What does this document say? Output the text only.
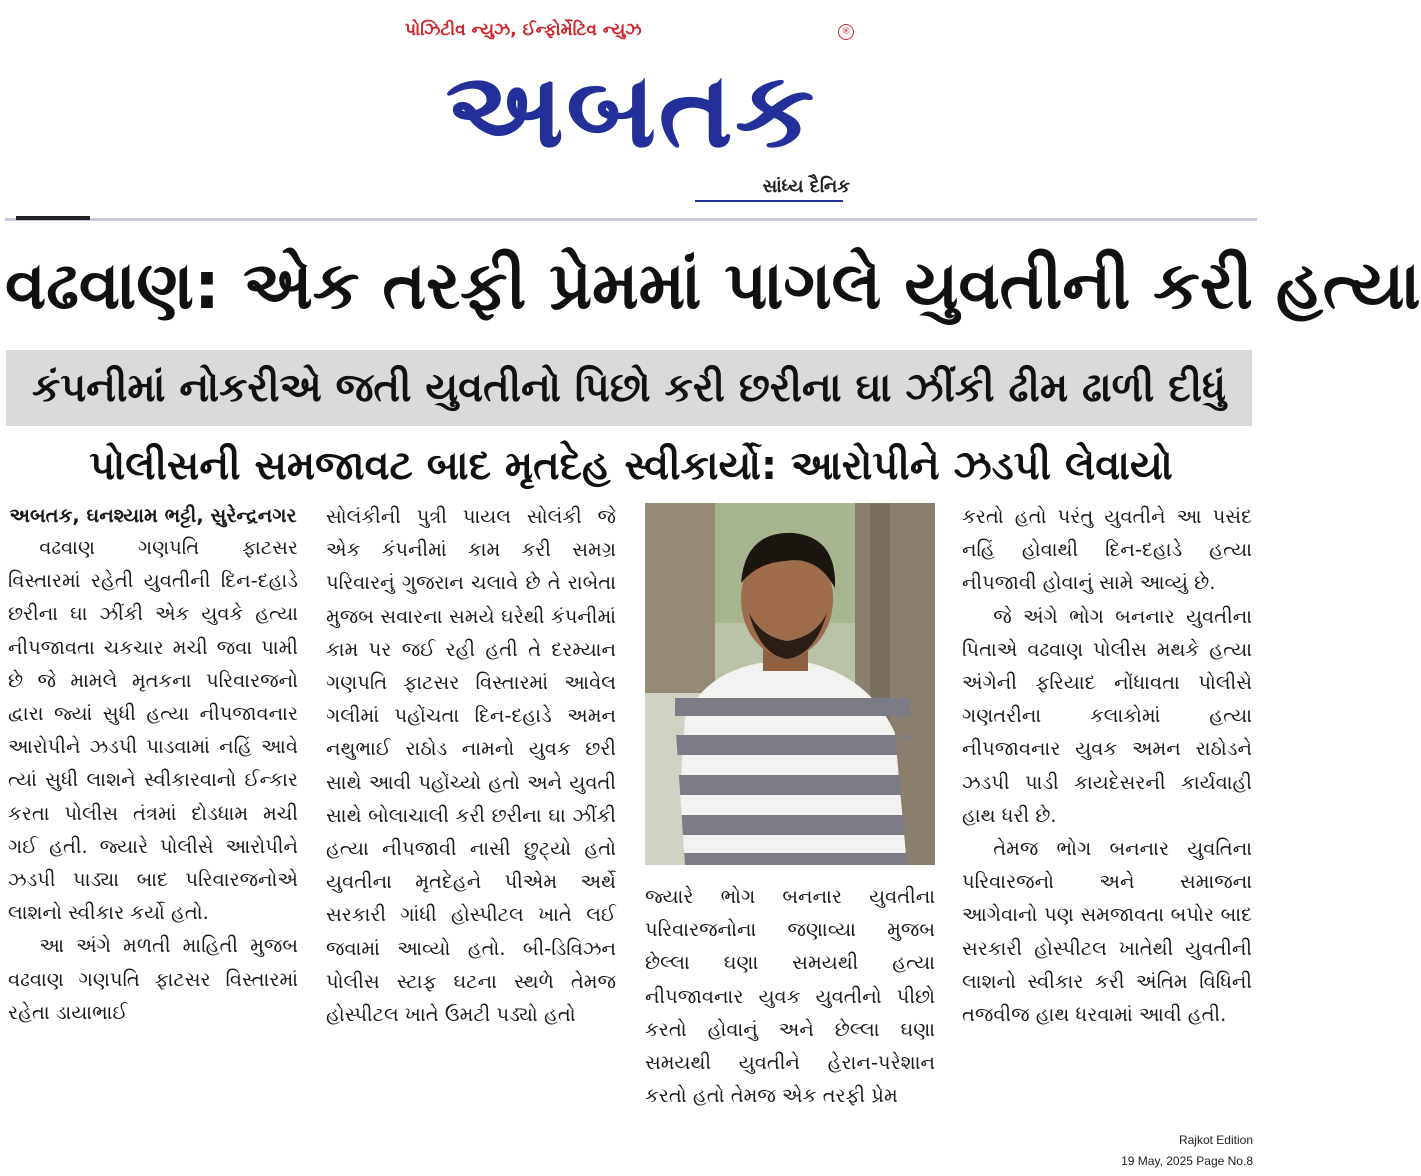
પોઝિટીવ ન્યુઝ, ઈન્ફોર્મેટિવ ન્યુઝ	®
અબતક
સાંધ્ય દૈનિક
વઢવાણ: એક તરફી પ્રેમમાં પાગલે યુવતીની કરી હત્યા
કંપનીમાં નોકરીએ જતી યુવતીનો પિછો કરી છરીના ઘા ઝીંકી ઢીમ ઢાળી દીધું
પોલીસની સમજાવટ બાદ મૃતદેહ સ્વીકાર્યો: આરોપીને ઝડપી લેવાયો

અબતક, ઘનશ્યામ ભટ્ટી, સુરેન્દ્રનગર

વઢવાણ ગણપતિ ફાટસર વિસ્તારમાં રહેતી યુવતીની દિન-દહાડે છરીના ઘા ઝીંકી એક યુવકે હત્યા નીપજાવતા ચકચાર મચી જવા પામી છે જે મામલે મૃતકના પરિવારજનો દ્વારા જ્યાં સુધી હત્યા નીપજાવનાર આરોપીને ઝડપી પાડવામાં નહિં આવે ત્યાં સુધી લાશને સ્વીકારવાનો ઈન્કાર કરતા પોલીસ તંત્રમાં દોડધામ મચી ગઈ હતી. જ્યારે પોલીસે આરોપીને ઝડપી પાડ્યા બાદ પરિવારજનોએ લાશનો સ્વીકાર કર્યો હતો.

આ અંગે મળતી માહિતી મુજબ વઢવાણ ગણપતિ ફાટસર વિસ્તારમાં રહેતા ડાયાભાઈ

સોલંકીની પુત્રી પાયલ સોલંકી જે એક કંપનીમાં કામ કરી સમગ્ર પરિવારનું ગુજરાન ચલાવે છે તે રાબેતા મુજબ સવારના સમયે ઘરેથી કંપનીમાં કામ પર જઈ રહી હતી તે દરમ્યાન ગણપતિ ફાટસર વિસ્તારમાં આવેલ ગલીમાં પહોંચતા દિન-દહાડે અમન નથુભાઈ રાઠોડ નામનો યુવક છરી સાથે આવી પહોંચ્યો હતો અને યુવતી સાથે બોલાચાલી કરી છરીના ઘા ઝીંકી હત્યા નીપજાવી નાસી છુટ્યો હતો યુવતીના મૃતદેહને પીએમ અર્થે સરકારી ગાંધી હોસ્પીટલ ખાતે લઈ જવામાં આવ્યો હતો. બી-ડિવિઝન પોલીસ સ્ટાફ ઘટના સ્થળે તેમજ હોસ્પીટલ ખાતે ઉમટી પડ્યો હતો

જ્યારે ભોગ બનનાર યુવતીના પરિવારજનોના જણાવ્યા મુજબ છેલ્લા ઘણા સમયથી હત્યા નીપજાવનાર યુવક યુવતીનો પીછો કરતો હોવાનું અને છેલ્લા ઘણા સમયથી યુવતીને હેરાન-પરેશાન કરતો હતો તેમજ એક તરફી પ્રેમ

કરતો હતો પરંતુ યુવતીને આ પસંદ નહિં હોવાથી દિન-દહાડે હત્યા નીપજાવી હોવાનું સામે આવ્યું છે.

જે અંગે ભોગ બનનાર યુવતીના પિતાએ વઢવાણ પોલીસ મથકે હત્યા અંગેની ફરિયાદ નોંધાવતા પોલીસે ગણતરીના કલાકોમાં હત્યા નીપજાવનાર યુવક અમન રાઠોડને ઝડપી પાડી કાયદેસરની કાર્યવાહી હાથ ધરી છે.

તેમજ ભોગ બનનાર યુવતિના પરિવારજનો અને સમાજના આગેવાનો પણ સમજાવતા બપોર બાદ સરકારી હોસ્પીટલ ખાતેથી યુવતીની લાશનો સ્વીકાર કરી અંતિમ વિધિની તજવીજ હાથ ધરવામાં આવી હતી.

Rajkot Edition
19 May, 2025 Page No.8
